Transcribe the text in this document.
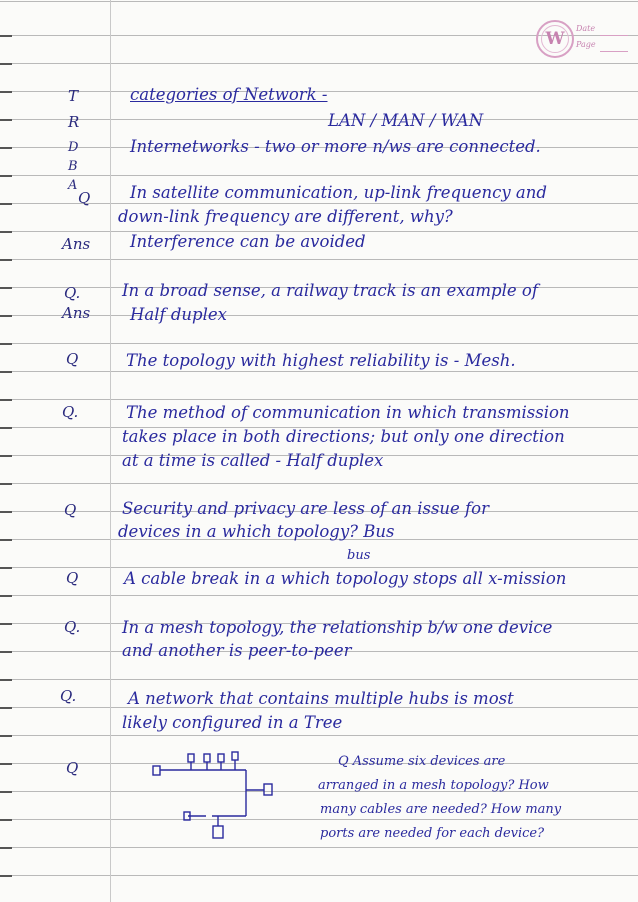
W
Date
Page

T

R

D

B

A

Q

Ans

Q.

Ans

Q

Q.

Q

Q

Q.

Q.

Q

categories of Network -

LAN / MAN / WAN

Internetworks - two or more n/ws are connected.

In satellite communication, up-link frequency and

down-link frequency are different, why?

Interference can be avoided

In a broad sense, a railway track is an example of

Half duplex

The topology with highest reliability is - Mesh.

The method of communication in which transmission

takes place in both directions; but only one direction

at a time is called - Half duplex

Security and privacy are less of an issue for

devices in a which topology? Bus

bus

A cable break in a which topology stops all x-mission

In a mesh topology, the relationship b/w one device

and another is peer-to-peer

A network that contains multiple hubs is most

likely configured in a Tree

Q Assume six devices are

arranged in a mesh topology? How

many cables are needed? How many

ports are needed for each device?
